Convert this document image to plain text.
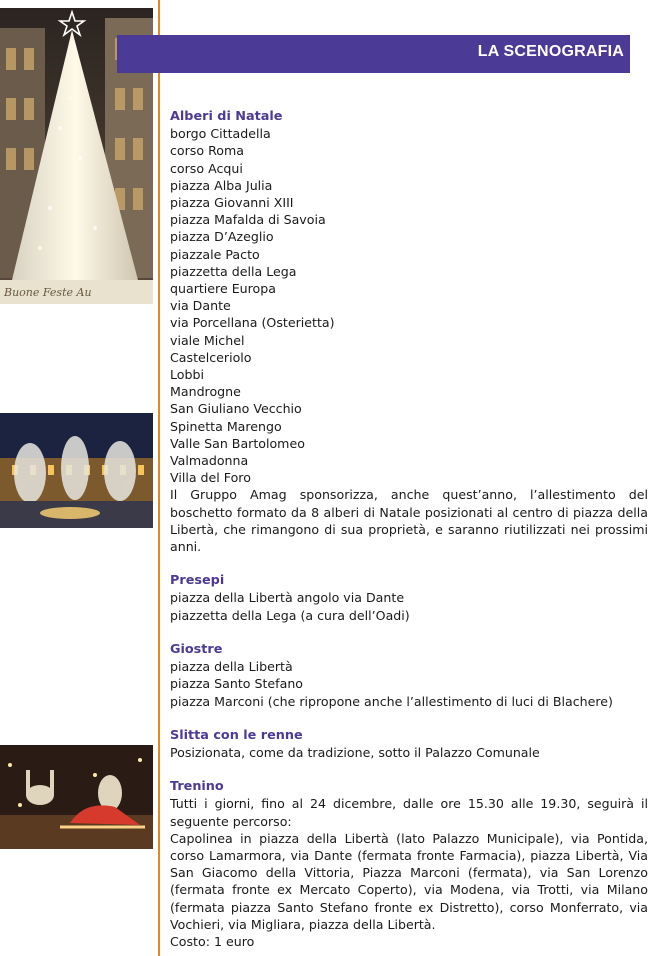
Buone Feste Au
LA SCENOGRAFIA
Alberi di Natale
borgo Cittadella
corso Roma
corso Acqui
piazza Alba Julia
piazza Giovanni XIII
piazza Mafalda di Savoia
piazza D’Azeglio
piazzale Pacto
piazzetta della Lega
quartiere Europa
via Dante
via Porcellana (Osterietta)
viale Michel
Castelceriolo
Lobbi
Mandrogne
San Giuliano Vecchio
Spinetta Marengo
Valle San Bartolomeo
Valmadonna
Villa del Foro
Il Gruppo Amag sponsorizza, anche quest’anno, l’allestimento del boschetto formato da 8 alberi di Natale posizionati al centro di piazza della Libertà, che rimangono di sua proprietà, e saranno riutilizzati nei prossimi anni.
Presepi
piazza della Libertà angolo via Dante
piazzetta della Lega (a cura dell’Oadi)
Giostre
piazza della Libertà
piazza Santo Stefano
piazza Marconi (che ripropone anche l’allestimento di luci di Blachere)
Slitta con le renne
Posizionata, come da tradizione, sotto il Palazzo Comunale
Trenino
Tutti i giorni, fino al 24 dicembre, dalle ore 15.30 alle 19.30, seguirà il seguente percorso:
Capolinea in piazza della Libertà (lato Palazzo Municipale), via Pontida, corso Lamarmora, via Dante (fermata fronte Farmacia), piazza Libertà, Via San Giacomo della Vittoria, Piazza Marconi (fermata), via San Lorenzo (fermata fronte ex Mercato Coperto), via Modena, via Trotti, via Milano (fermata piazza Santo Stefano fronte ex Distretto), corso Monferrato, via Vochieri, via Migliara, piazza della Libertà.
Costo: 1 euro
